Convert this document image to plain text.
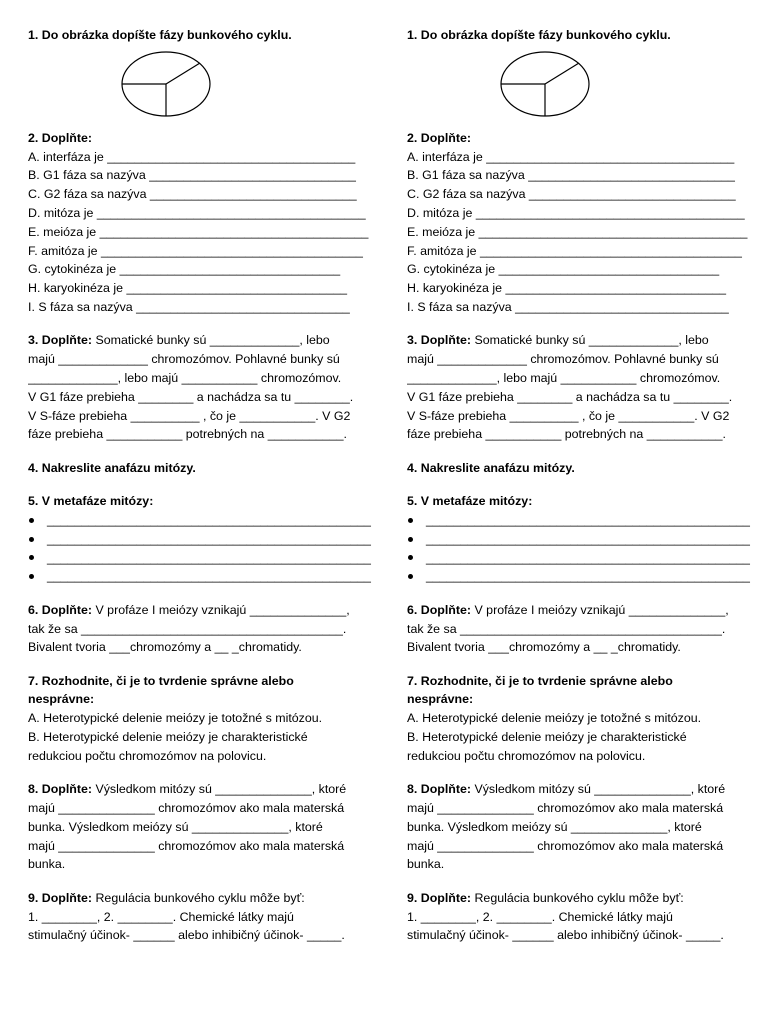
1. Do obrázka dopíšte fázy bunkového cyklu.
2. Doplňte:
A. interfáza je ____________________________________
B. G1 fáza sa nazýva ______________________________
C. G2 fáza sa nazýva ______________________________
D. mitóza je _______________________________________
E. meióza je _______________________________________
F. amitóza je ______________________________________
G. cytokinéza je ________________________________
H. karyokinéza je ________________________________
I. S fáza sa nazýva _______________________________
3. Doplňte: Somatické bunky sú _____________, lebo
majú _____________ chromozómov. Pohlavné bunky sú
_____________, lebo majú ___________ chromozómov.
V G1 fáze prebieha ________ a nachádza sa tu ________.
V S-fáze prebieha __________ , čo je ___________. V G2
fáze prebieha ___________ potrebných na ___________.
4. Nakreslite anafázu mitózy.
5. V metafáze mitózy:
_______________________________________________
_______________________________________________
_______________________________________________
_______________________________________________
6. Doplňte: V profáze I meiózy vznikajú ______________,
tak že sa ______________________________________.
Bivalent tvoria ___chromozómy a __ _chromatidy.
7. Rozhodnite, či je to tvrdenie správne alebo
nesprávne:
A. Heterotypické delenie meiózy je totožné s mitózou.
B. Heterotypické delenie meiózy je charakteristické
redukciou počtu chromozómov na polovicu.
8. Doplňte: Výsledkom mitózy sú ______________, ktoré
majú ______________ chromozómov ako mala materská
bunka. Výsledkom meiózy sú ______________, ktoré
majú ______________ chromozómov ako mala materská
bunka.
9. Doplňte: Regulácia bunkového cyklu môže byť:
1. ________, 2. ________. Chemické látky majú
stimulačný účinok- ______ alebo inhibičný účinok- _____.
1. Do obrázka dopíšte fázy bunkového cyklu.
2. Doplňte:
A. interfáza je ____________________________________
B. G1 fáza sa nazýva ______________________________
C. G2 fáza sa nazýva ______________________________
D. mitóza je _______________________________________
E. meióza je _______________________________________
F. amitóza je ______________________________________
G. cytokinéza je ________________________________
H. karyokinéza je ________________________________
I. S fáza sa nazýva _______________________________
3. Doplňte: Somatické bunky sú _____________, lebo
majú _____________ chromozómov. Pohlavné bunky sú
_____________, lebo majú ___________ chromozómov.
V G1 fáze prebieha ________ a nachádza sa tu ________.
V S-fáze prebieha __________ , čo je ___________. V G2
fáze prebieha ___________ potrebných na ___________.
4. Nakreslite anafázu mitózy.
5. V metafáze mitózy:
_______________________________________________
_______________________________________________
_______________________________________________
_______________________________________________
6. Doplňte: V profáze I meiózy vznikajú ______________,
tak že sa ______________________________________.
Bivalent tvoria ___chromozómy a __ _chromatidy.
7. Rozhodnite, či je to tvrdenie správne alebo
nesprávne:
A. Heterotypické delenie meiózy je totožné s mitózou.
B. Heterotypické delenie meiózy je charakteristické
redukciou počtu chromozómov na polovicu.
8. Doplňte: Výsledkom mitózy sú ______________, ktoré
majú ______________ chromozómov ako mala materská
bunka. Výsledkom meiózy sú ______________, ktoré
majú ______________ chromozómov ako mala materská
bunka.
9. Doplňte: Regulácia bunkového cyklu môže byť:
1. ________, 2. ________. Chemické látky majú
stimulačný účinok- ______ alebo inhibičný účinok- _____.
